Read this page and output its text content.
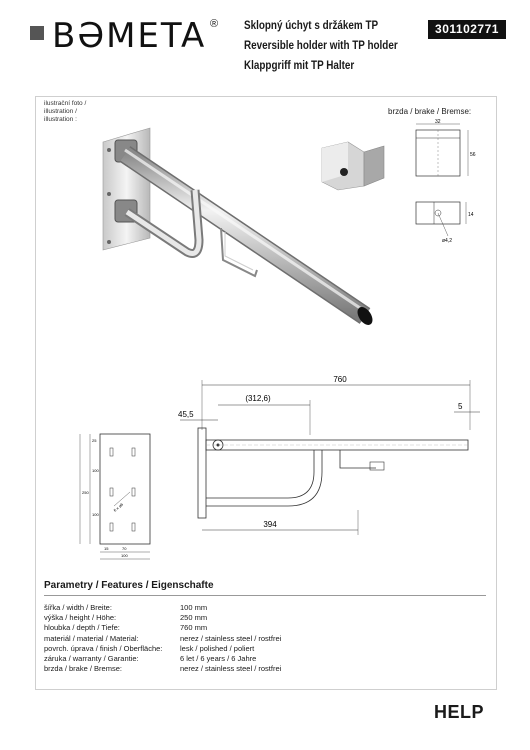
BƏMETA ® Sklopný úchyt s držákem TP
Reversible holder with TP holder
Klappgriff mit TP Halter
301102771
ilustrační foto /
illustration /
illustration :
brzda / brake / Bremse:
32
56
14
ø4,2
760
(312,6)
45,5
5
394
25
100
250
100
15	70
100
6 x ø6
Parametry / Features / Eigenschafte
šířka / width / Breite:	100 mm
výška / height / Höhe:	250 mm
hloubka / depth / Tiefe:	760 mm
materiál / material / Material:	nerez / stainless steel / rostfrei
povrch. úprava / finish / Oberfläche:	lesk / polished / poliert
záruka / warranty / Garantie:	6 let / 6 years / 6 Jahre
brzda / brake / Bremse:	nerez / stainless steel / rostfrei
HELP
